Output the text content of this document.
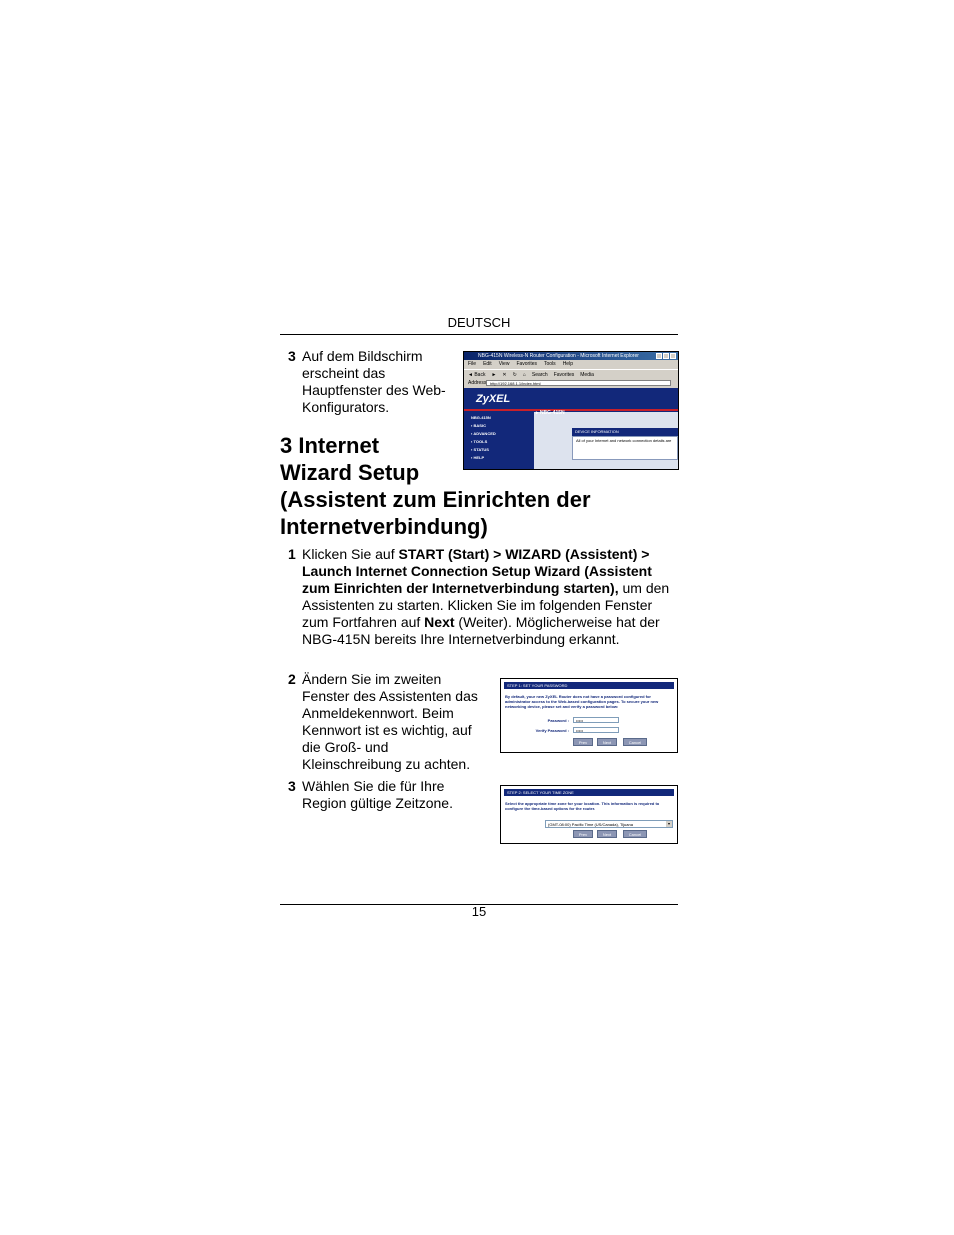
DEUTSCH
3 Auf dem Bildschirm
erscheint das
Hauptfenster des Web-
Konfigurators.
NBG-415N Wireless-N Router Configuration - Microsoft Internet Explorer
File Edit View Favorites Tools Help
◄ Back ► ✕ ↻ ⌂ Search Favorites Media
Address http://192.168.1.1/index.html
ZyXEL
NBG-415N
▪ BASIC
▪ ADVANCED
▪ TOOLS
▪ STATUS
▪ HELP
▸ NBG-415N
DEVICE INFORMATION
All of your Internet and network connection details are
3 Internet
Wizard Setup
(Assistent zum Einrichten der
Internetverbindung)
1 Klicken Sie auf START (Start) > WIZARD (Assistent) > Launch Internet Connection Setup Wizard (Assistent zum Einrichten der Internetverbindung starten), um den Assistenten zu starten. Klicken Sie im folgenden Fenster zum Fortfahren auf Next (Weiter). Möglicherweise hat der NBG-415N bereits Ihre Internetverbindung erkannt.
2 Ändern Sie im zweiten
Fenster des Assistenten das
Anmeldekennwort. Beim
Kennwort ist es wichtig, auf
die Groß- und
Kleinschreibung zu achten.
STEP 1: SET YOUR PASSWORD
By default, your new ZyXEL Router does not have a password configured for administrator access to the Web-based configuration pages. To secure your new networking device, please set and verify a password below:
Password :	•••••
Verify Password :	•••••
Prev	Next	Cancel
3 Wählen Sie die für Ihre
Region gültige Zeitzone.
STEP 2: SELECT YOUR TIME ZONE
Select the appropriate time zone for your location. This information is required to configure the time-based options for the router.
(GMT-08:00) Pacific Time (US/Canada), Tijuana	▾
Prev	Next	Cancel
15
